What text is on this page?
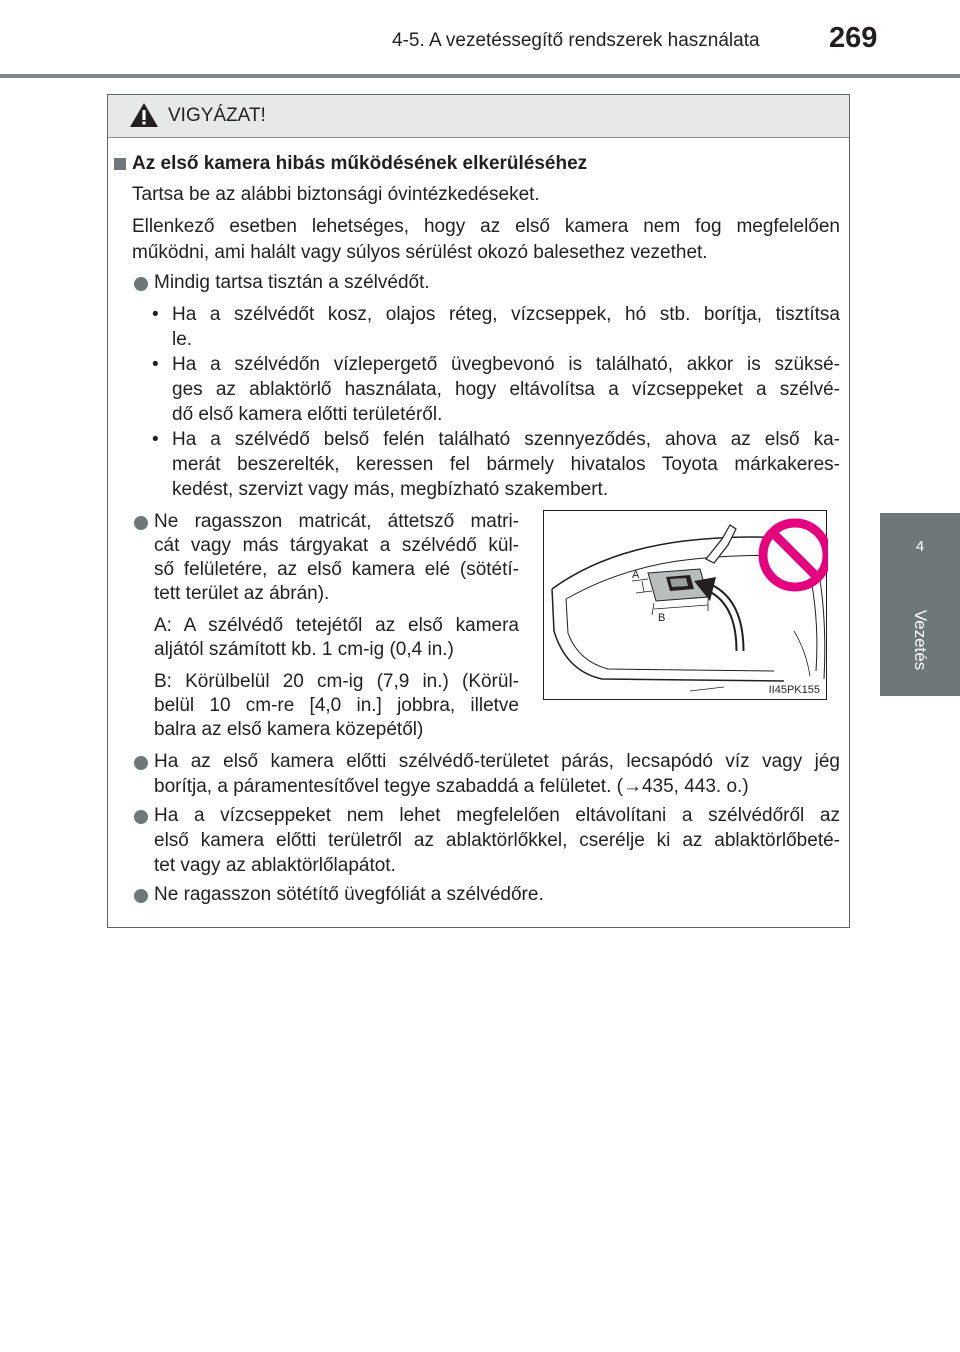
4-5. A vezetéssegítő rendszerek használata 269
4
Vezetés
VIGYÁZAT!
Az első kamera hibás működésének elkerüléséhez
Tartsa be az alábbi biztonsági óvintézkedéseket.
Ellenkező esetben lehetséges, hogy az első kamera nem fog megfelelően
működni, ami halált vagy súlyos sérülést okozó balesethez vezethet.
Mindig tartsa tisztán a szélvédőt.
• Ha a szélvédőt kosz, olajos réteg, vízcseppek, hó stb. borítja, tisztítsa
le.
• Ha a szélvédőn vízlepergető üvegbevonó is található, akkor is szüksé-
ges az ablaktörlő használata, hogy eltávolítsa a vízcseppeket a szélvé-
dő első kamera előtti területéről.
• Ha a szélvédő belső felén található szennyeződés, ahova az első ka-
merát beszerelték, keressen fel bármely hivatalos Toyota márkakeres-
kedést, szervizt vagy más, megbízható szakembert.
Ne ragasszon matricát, áttetsző matri-
cát vagy más tárgyakat a szélvédő kül-
ső felületére, az első kamera elé (sötétí-
tett terület az ábrán).
A: A szélvédő tetejétől az első kamera
aljától számított kb. 1 cm-ig (0,4 in.)
B: Körülbelül 20 cm-ig (7,9 in.) (Körül-
belül 10 cm-re [4,0 in.] jobbra, illetve
balra az első kamera közepétől)
A
B
II45PK155
Ha az első kamera előtti szélvédő-területet párás, lecsapódó víz vagy jég
borítja, a páramentesítővel tegye szabaddá a felületet. (→435, 443. o.)
Ha a vízcseppeket nem lehet megfelelően eltávolítani a szélvédőről az
első kamera előtti területről az ablaktörlőkkel, cserélje ki az ablaktörlőbeté-
tet vagy az ablaktörlőlapátot.
Ne ragasszon sötétítő üvegfóliát a szélvédőre.
